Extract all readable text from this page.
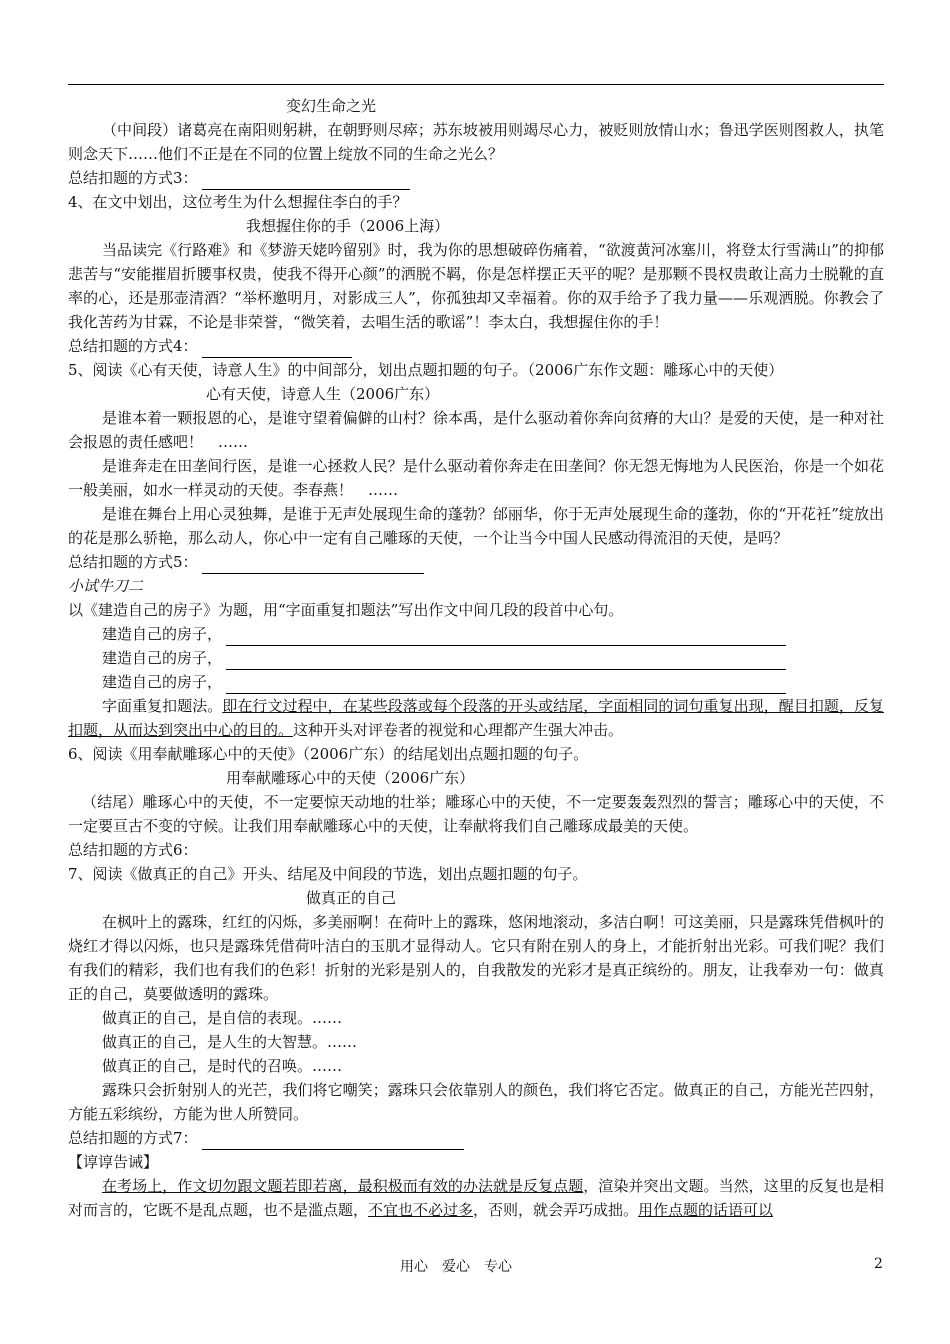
变幻生命之光
（中间段）诸葛亮在南阳则躬耕，在朝野则尽瘁；苏东坡被用则竭尽心力，被贬则放情山水；鲁迅学医则图救人，执笔则念天下……他们不正是在不同的位置上绽放不同的生命之光么？
总结扣题的方式3：
4、在文中划出，这位考生为什么想握住李白的手？
我想握住你的手（2006上海）
当品读完《行路难》和《梦游天姥吟留别》时，我为你的思想破碎伤痛着，“欲渡黄河冰塞川，将登太行雪满山”的抑郁悲苦与“安能摧眉折腰事权贵，使我不得开心颜”的洒脱不羁，你是怎样摆正天平的呢？是那颗不畏权贵敢让高力士脱靴的直率的心，还是那壶清酒？“举杯邀明月，对影成三人”，你孤独却又幸福着。你的双手给予了我力量——乐观洒脱。你教会了我化苦药为甘霖，不论是非荣誉，“微笑着，去唱生活的歌谣”！李太白，我想握住你的手！
总结扣题的方式4：
5、阅读《心有天使，诗意人生》的中间部分，划出点题扣题的句子。（2006广东作文题：雕琢心中的天使）
心有天使，诗意人生（2006广东）
是谁本着一颗报恩的心，是谁守望着偏僻的山村？徐本禹，是什么驱动着你奔向贫瘠的大山？是爱的天使，是一种对社会报恩的责任感吧！　……
是谁奔走在田垄间行医，是谁一心拯救人民？是什么驱动着你奔走在田垄间？你无怨无悔地为人民医治，你是一个如花一般美丽，如水一样灵动的天使。李春燕！　……
是谁在舞台上用心灵独舞，是谁于无声处展现生命的蓬勃？邰丽华，你于无声处展现生命的蓬勃，你的“开花衽”绽放出的花是那么骄艳，那么动人，你心中一定有自己雕琢的天使，一个让当今中国人民感动得流泪的天使，是吗？
总结扣题的方式5：
小试牛刀二
以《建造自己的房子》为题，用“字面重复扣题法”写出作文中间几段的段首中心句。
建造自己的房子，
建造自己的房子，
建造自己的房子，
字面重复扣题法。即在行文过程中，在某些段落或每个段落的开头或结尾，字面相同的词句重复出现，醒目扣题，反复扣题，从而达到突出中心的目的。这种开头对评卷者的视觉和心理都产生强大冲击。
6、阅读《用奉献雕琢心中的天使》（2006广东）的结尾划出点题扣题的句子。
用奉献雕琢心中的天使（2006广东）
（结尾）雕琢心中的天使，不一定要惊天动地的壮举；雕琢心中的天使，不一定要轰轰烈烈的誓言；雕琢心中的天使，不一定要亘古不变的守候。让我们用奉献雕琢心中的天使，让奉献将我们自己雕琢成最美的天使。
总结扣题的方式6：
7、阅读《做真正的自己》开头、结尾及中间段的节选，划出点题扣题的句子。
做真正的自己
在枫叶上的露珠，红红的闪烁，多美丽啊！在荷叶上的露珠，悠闲地滚动，多洁白啊！可这美丽，只是露珠凭借枫叶的烧红才得以闪烁，也只是露珠凭借荷叶洁白的玉肌才显得动人。它只有附在别人的身上，才能折射出光彩。可我们呢？我们有我们的精彩，我们也有我们的色彩！折射的光彩是别人的，自我散发的光彩才是真正缤纷的。朋友，让我奉劝一句：做真正的自己，莫要做透明的露珠。
做真正的自己，是自信的表现。……
做真正的自己，是人生的大智慧。……
做真正的自己，是时代的召唤。……
露珠只会折射别人的光芒，我们将它嘲笑；露珠只会依靠别人的颜色，我们将它否定。做真正的自己，方能光芒四射，方能五彩缤纷，方能为世人所赞同。
总结扣题的方式7：
【谆谆告诫】
在考场上，作文切勿跟文题若即若离，最积极而有效的办法就是反复点题，渲染并突出文题。当然，这里的反复也是相对而言的，它既不是乱点题，也不是滥点题，不宜也不必过多，否则，就会弄巧成拙。用作点题的话语可以
用心　爱心　专心	2
